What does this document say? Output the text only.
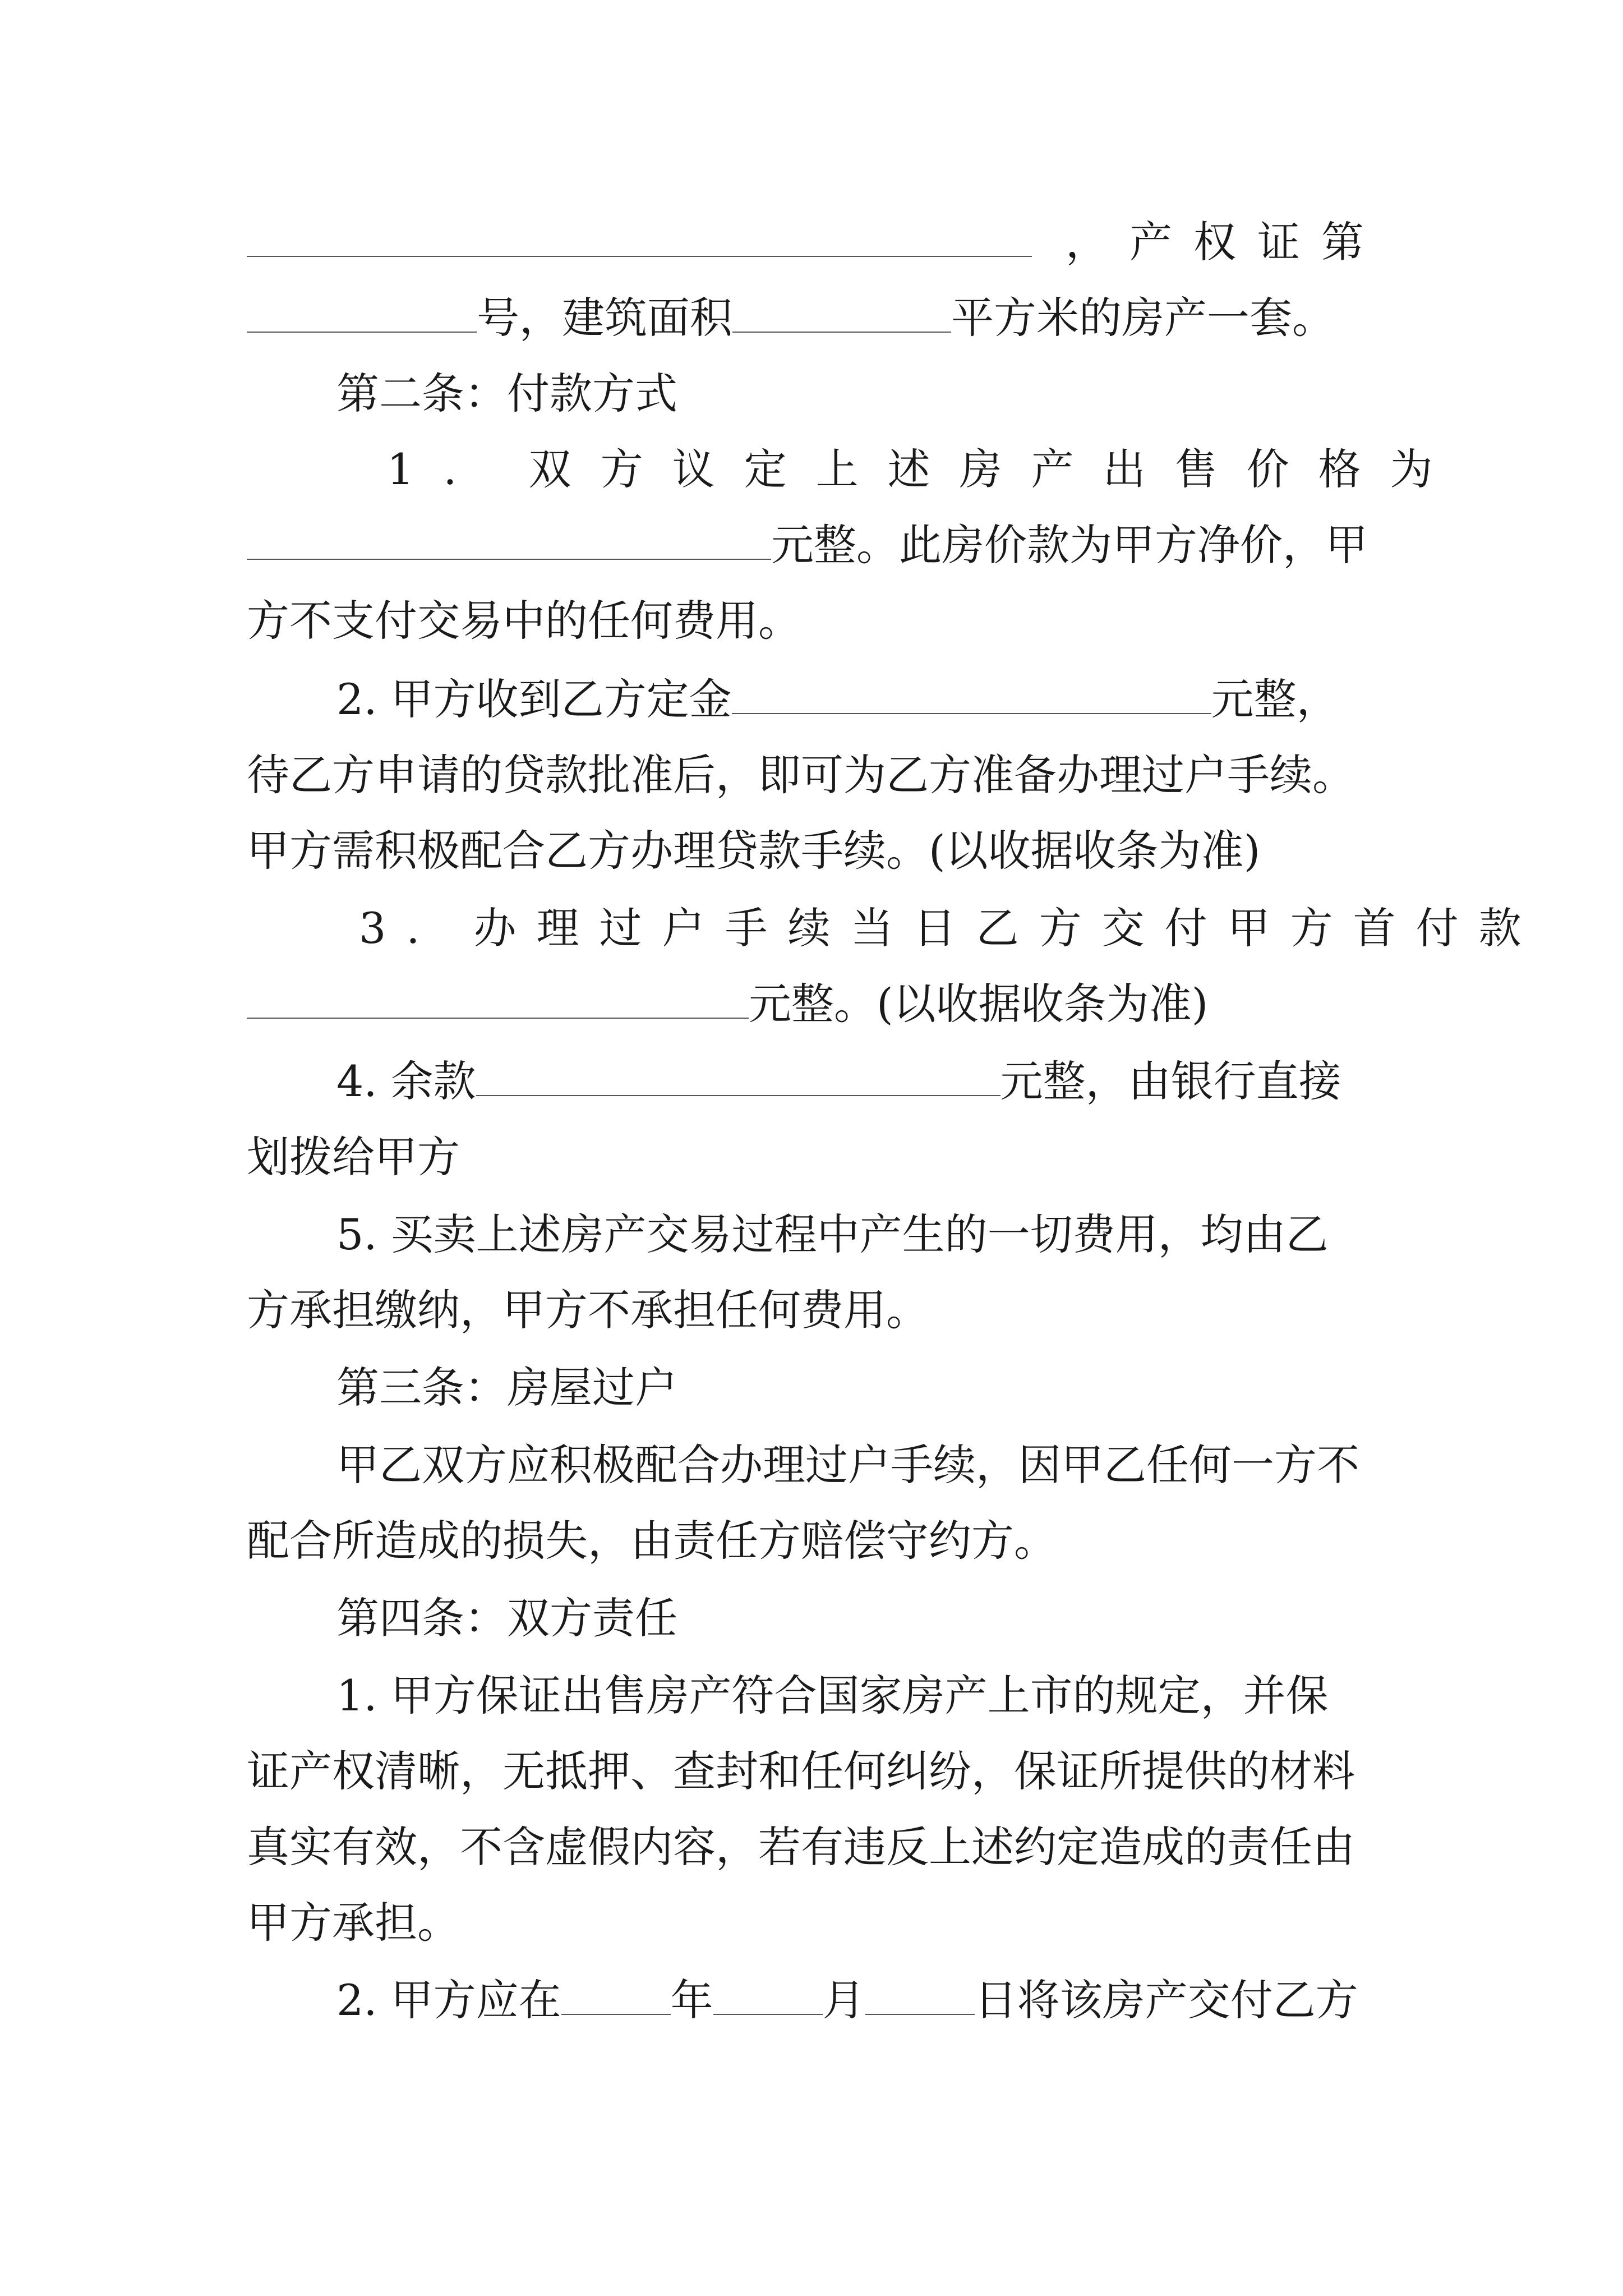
，产权证第
号，建筑面积	平方米的房产一套。
第二条：付款方式
1. 双方议定上述房产出售价格为
元整。此房价款为甲方净价，甲
方不支付交易中的任何费用。
2. 甲方收到乙方定金	元整，
待乙方申请的贷款批准后，即可为乙方准备办理过户手续。
甲方需积极配合乙方办理贷款手续。(以收据收条为准)
3. 办理过户手续当日乙方交付甲方首付款
元整。(以收据收条为准)
4. 余款	元整，由银行直接
划拨给甲方
5. 买卖上述房产交易过程中产生的一切费用，均由乙
方承担缴纳，甲方不承担任何费用。
第三条：房屋过户
甲乙双方应积极配合办理过户手续，因甲乙任何一方不
配合所造成的损失，由责任方赔偿守约方。
第四条：双方责任
1. 甲方保证出售房产符合国家房产上市的规定，并保
证产权清晰，无抵押、查封和任何纠纷，保证所提供的材料
真实有效，不含虚假内容，若有违反上述约定造成的责任由
甲方承担。
2. 甲方应在	年	月	日将该房产交付乙方
